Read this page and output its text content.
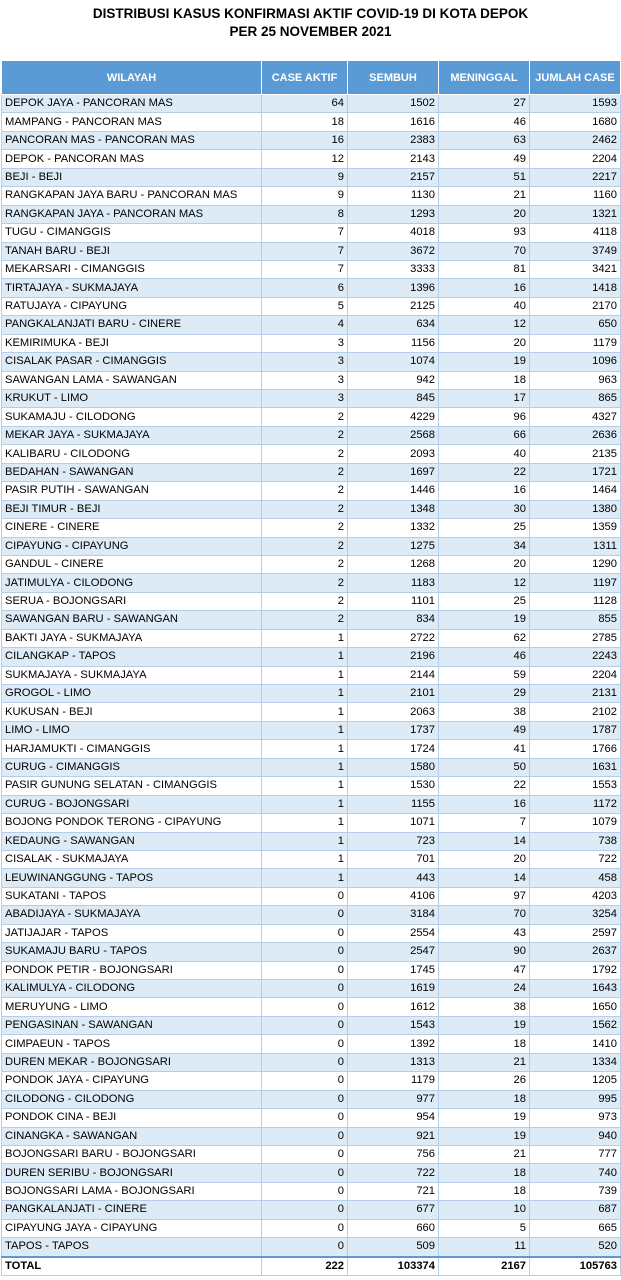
DISTRIBUSI KASUS KONFIRMASI AKTIF COVID-19 DI KOTA DEPOK
PER 25 NOVEMBER 2021
WILAYAH	CASE AKTIF	SEMBUH	MENINGGAL	JUMLAH CASE
DEPOK JAYA - PANCORAN MAS	64	1502	27	1593
MAMPANG - PANCORAN MAS	18	1616	46	1680
PANCORAN MAS - PANCORAN MAS	16	2383	63	2462
DEPOK - PANCORAN MAS	12	2143	49	2204
BEJI - BEJI	9	2157	51	2217
RANGKAPAN JAYA BARU - PANCORAN MAS	9	1130	21	1160
RANGKAPAN JAYA - PANCORAN MAS	8	1293	20	1321
TUGU - CIMANGGIS	7	4018	93	4118
TANAH BARU - BEJI	7	3672	70	3749
MEKARSARI - CIMANGGIS	7	3333	81	3421
TIRTAJAYA - SUKMAJAYA	6	1396	16	1418
RATUJAYA - CIPAYUNG	5	2125	40	2170
PANGKALANJATI BARU - CINERE	4	634	12	650
KEMIRIMUKA - BEJI	3	1156	20	1179
CISALAK PASAR - CIMANGGIS	3	1074	19	1096
SAWANGAN LAMA - SAWANGAN	3	942	18	963
KRUKUT - LIMO	3	845	17	865
SUKAMAJU - CILODONG	2	4229	96	4327
MEKAR JAYA - SUKMAJAYA	2	2568	66	2636
KALIBARU - CILODONG	2	2093	40	2135
BEDAHAN - SAWANGAN	2	1697	22	1721
PASIR PUTIH - SAWANGAN	2	1446	16	1464
BEJI TIMUR - BEJI	2	1348	30	1380
CINERE - CINERE	2	1332	25	1359
CIPAYUNG - CIPAYUNG	2	1275	34	1311
GANDUL - CINERE	2	1268	20	1290
JATIMULYA - CILODONG	2	1183	12	1197
SERUA - BOJONGSARI	2	1101	25	1128
SAWANGAN BARU - SAWANGAN	2	834	19	855
BAKTI JAYA - SUKMAJAYA	1	2722	62	2785
CILANGKAP - TAPOS	1	2196	46	2243
SUKMAJAYA - SUKMAJAYA	1	2144	59	2204
GROGOL - LIMO	1	2101	29	2131
KUKUSAN - BEJI	1	2063	38	2102
LIMO - LIMO	1	1737	49	1787
HARJAMUKTI - CIMANGGIS	1	1724	41	1766
CURUG - CIMANGGIS	1	1580	50	1631
PASIR GUNUNG SELATAN - CIMANGGIS	1	1530	22	1553
CURUG - BOJONGSARI	1	1155	16	1172
BOJONG PONDOK TERONG - CIPAYUNG	1	1071	7	1079
KEDAUNG - SAWANGAN	1	723	14	738
CISALAK - SUKMAJAYA	1	701	20	722
LEUWINANGGUNG - TAPOS	1	443	14	458
SUKATANI - TAPOS	0	4106	97	4203
ABADIJAYA - SUKMAJAYA	0	3184	70	3254
JATIJAJAR - TAPOS	0	2554	43	2597
SUKAMAJU BARU - TAPOS	0	2547	90	2637
PONDOK PETIR - BOJONGSARI	0	1745	47	1792
KALIMULYA - CILODONG	0	1619	24	1643
MERUYUNG - LIMO	0	1612	38	1650
PENGASINAN - SAWANGAN	0	1543	19	1562
CIMPAEUN - TAPOS	0	1392	18	1410
DUREN MEKAR - BOJONGSARI	0	1313	21	1334
PONDOK JAYA - CIPAYUNG	0	1179	26	1205
CILODONG - CILODONG	0	977	18	995
PONDOK CINA - BEJI	0	954	19	973
CINANGKA - SAWANGAN	0	921	19	940
BOJONGSARI BARU - BOJONGSARI	0	756	21	777
DUREN SERIBU - BOJONGSARI	0	722	18	740
BOJONGSARI LAMA - BOJONGSARI	0	721	18	739
PANGKALANJATI - CINERE	0	677	10	687
CIPAYUNG JAYA - CIPAYUNG	0	660	5	665
TAPOS - TAPOS	0	509	11	520
TOTAL	222	103374	2167	105763
